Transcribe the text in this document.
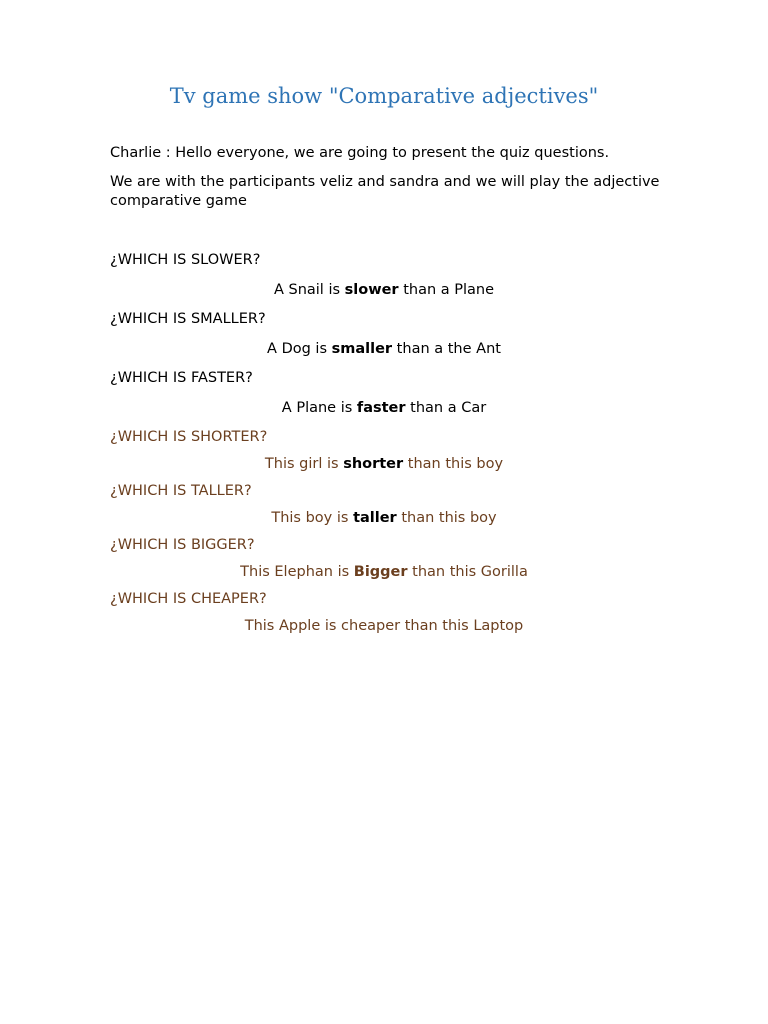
Tv game show "Comparative adjectives"

Charlie : Hello everyone, we are going to present the quiz questions.

We are with the participants veliz and sandra and we will play the adjective comparative game

¿WHICH IS SLOWER?

A Snail is slower than a Plane

¿WHICH IS SMALLER?

A Dog is smaller than a the Ant

¿WHICH IS FASTER?

A Plane is faster than a Car

¿WHICH IS SHORTER?

This girl is shorter than this boy

¿WHICH IS TALLER?

This boy is taller than this boy

¿WHICH IS BIGGER?

This Elephan is Bigger than this Gorilla

¿WHICH IS CHEAPER?

This Apple is cheaper than this Laptop
